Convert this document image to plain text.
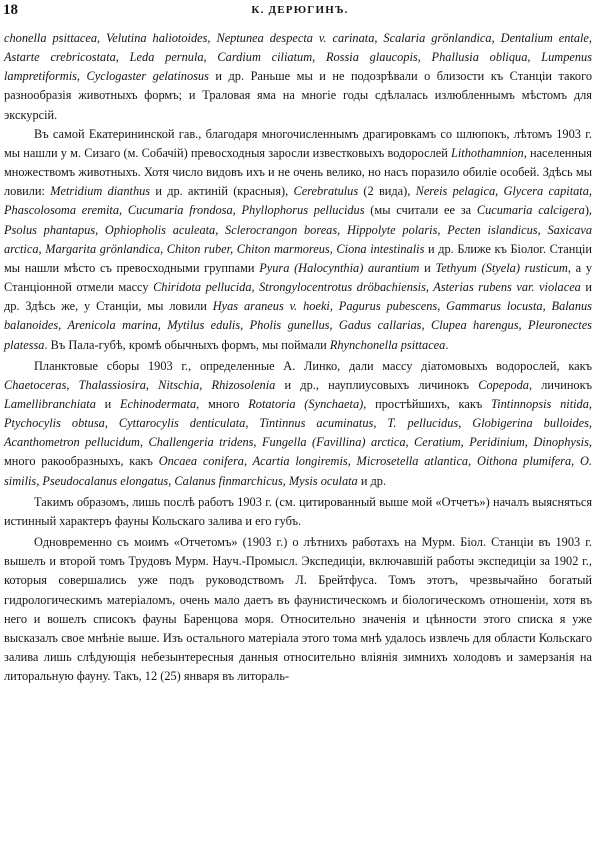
18	К. ДЕРЮГИНЪ.

chonella psittacea, Velutina haliotoides, Neptunea despecta v. carinata, Scalaria grönlandica, Dentalium entale, Astarte crebricostata, Leda pernula, Cardium ciliatum, Rossia glaucopis, Phallusia obliqua, Lumpenus lampretiformis, Cyclogaster gelatinosus и др. Раньше мы и не подозрѣвали о близости къ Станціи такого разнообразія животныхъ формъ; и Траловая яма на многіе годы сдѣлалась излюбленнымъ мѣстомъ для экскурсій.

Въ самой Екатерининской гав., благодаря многочисленнымъ драгировкамъ со шлюпокъ, лѣтомъ 1903 г. мы нашли у м. Сизаго (м. Собачій) превосходныя заросли известковыхъ водорослей Lithothamnion, населенныя множествомъ животныхъ. Хотя число видовъ ихъ и не очень велико, но насъ поразило обиліе особей. Здѣсь мы ловили: Metridium dianthus и др. актиній (красныя), Cerebratulus (2 вида), Nereis pelagica, Glycera capitata, Phascolosoma eremita, Cucumaria frondosa, Phyllophorus pellucidus (мы считали ее за Cucumaria calcigera), Psolus phantapus, Ophiopholis aculeata, Sclerocrangon boreas, Hippolyte polaris, Pecten islandicus, Saxicava arctica, Margarita grönlandica, Chiton ruber, Chiton marmoreus, Ciona intestinalis и др. Ближе къ Біолог. Станціи мы нашли мѣсто съ превосходными группами Pyura (Halocynthia) aurantium и Tethyum (Styela) rusticum, а у Станціонной отмели массу Chiridota pellucida, Strongylocentrotus dröbachiensis, Asterias rubens var. violacea и др. Здѣсь же, у Станціи, мы ловили Hyas araneus v. hoeki, Pagurus pubescens, Gammarus locusta, Balanus balanoides, Arenicola marina, Mytilus edulis, Pholis gunellus, Gadus callarias, Clupea harengus, Pleuronectes platessa. Въ Пала-губѣ, кромѣ обычныхъ формъ, мы поймали Rhynchonella psittacea.

Планктовые сборы 1903 г., определенные А. Линко, дали массу діатомовыхъ водорослей, какъ Chaetoceras, Thalassiosira, Nitschia, Rhizosolenia и др., науплиусовыхъ личинокъ Copepoda, личинокъ Lamellibranchiata и Echinodermata, много Rotatoria (Synchaeta), простѣйшихъ, какъ Tintinnopsis nitida, Ptychocylis obtusa, Cyttarocylis denticulata, Tintinnus acuminatus, T. pellucidus, Globigerina bulloides, Acanthometron pellucidum, Challengeria tridens, Fungella (Favillina) arctica, Ceratium, Peridinium, Dinophysis, много ракообразныхъ, какъ Oncaea conifera, Acartia longiremis, Microsetella atlantica, Oithona plumifera, O. similis, Pseudocalanus elongatus, Calanus finmarchicus, Mysis oculata и др.

Такимъ образомъ, лишь послѣ работъ 1903 г. (см. цитированный выше мой «Отчетъ») началъ выясняться истинный характеръ фауны Кольскаго залива и его губъ.

Одновременно съ моимъ «Отчетомъ» (1903 г.) о лѣтнихъ работахъ на Мурм. Біол. Станціи въ 1903 г. вышелъ и второй томъ Трудовъ Мурм. Науч.-Промысл. Экспедиціи, включавшій работы экспедиціи за 1902 г., которыя совершались уже подъ руководствомъ Л. Брейтфуса. Томъ этотъ, чрезвычайно богатый гидрологическимъ матеріаломъ, очень мало даетъ въ фаунистическомъ и біологическомъ отношеніи, хотя въ него и вошелъ списокъ фауны Баренцова моря. Относительно значенія и цѣнности этого списка я уже высказалъ свое мнѣніе выше. Изъ остального матеріала этого тома мнѣ удалось извлечь для области Кольскаго залива лишь слѣдующія небезынтересныя данныя относительно вліянія зимнихъ холодовъ и замерзанія на литоральную фауну. Такъ, 12 (25) января въ литораль-
